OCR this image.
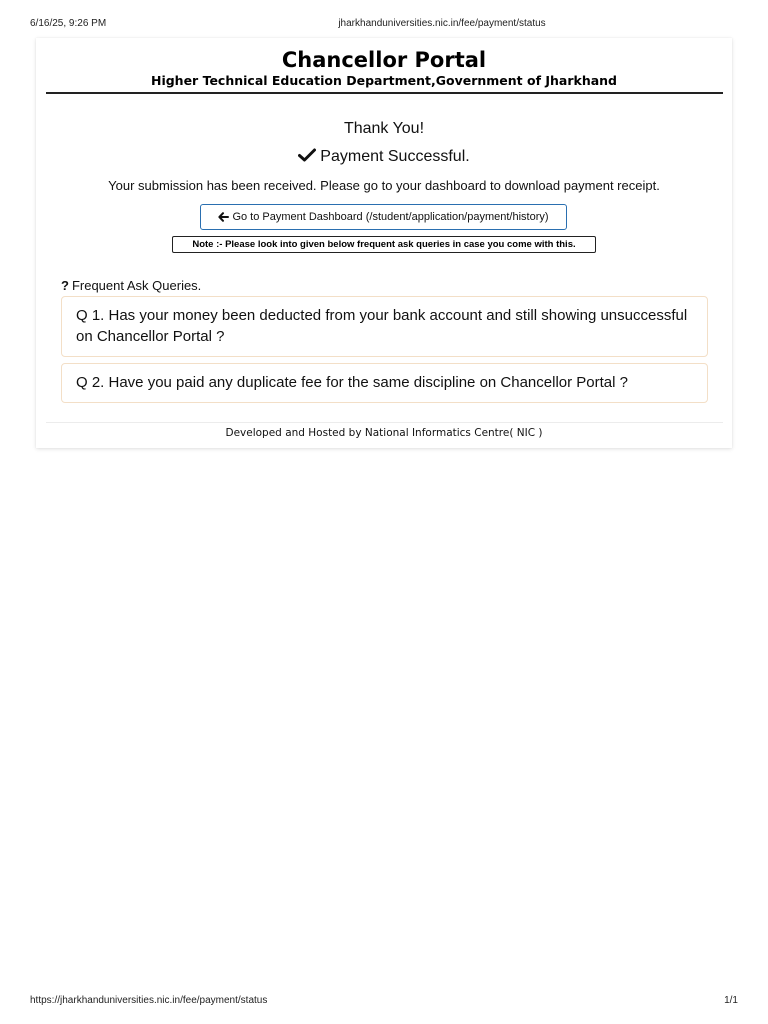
6/16/25, 9:26 PM	jharkhanduniversities.nic.in/fee/payment/status
Chancellor Portal
Higher Technical Education Department,Government of Jharkhand
Thank You!
Payment Successful.
Your submission has been received. Please go to your dashboard to download payment receipt.
Go to Payment Dashboard (/student/application/payment/history)
Note :- Please look into given below frequent ask queries in case you come with this.
? Frequent Ask Queries.
Q 1. Has your money been deducted from your bank account and still showing unsuccessful on Chancellor Portal ?
Q 2. Have you paid any duplicate fee for the same discipline on Chancellor Portal ?
Developed and Hosted by National Informatics Centre( NIC )
https://jharkhanduniversities.nic.in/fee/payment/status	1/1
